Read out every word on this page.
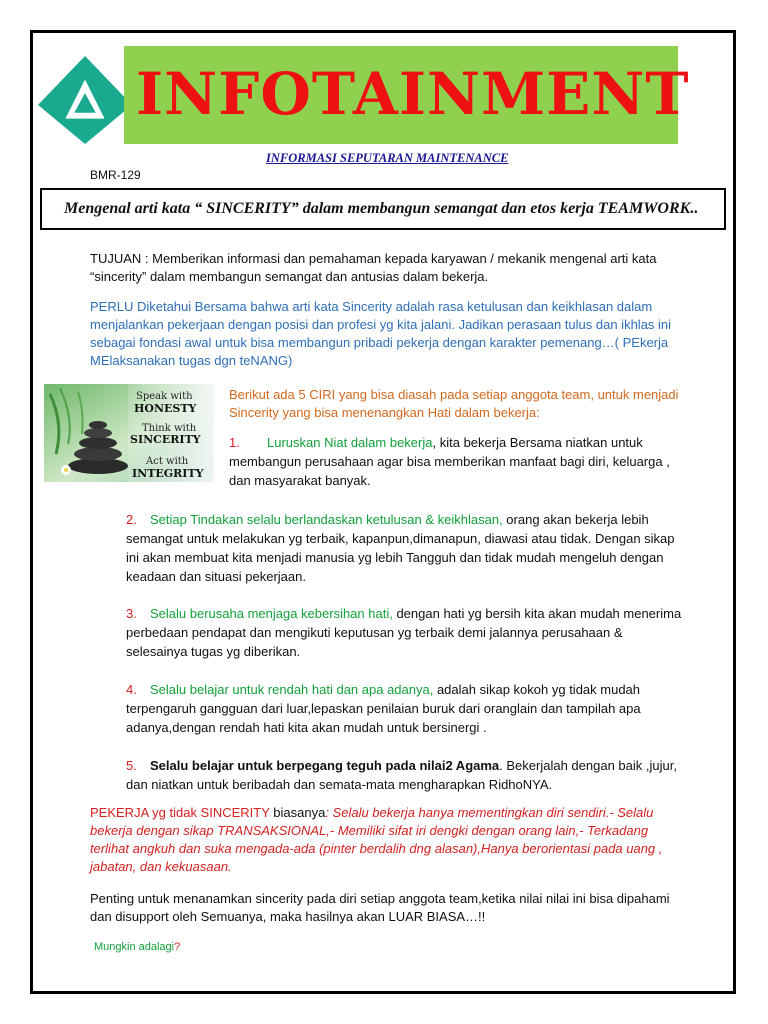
INFOTAINMENT
INFORMASI SEPUTARAN MAINTENANCE
BMR-129
Mengenal arti kata “ SINCERITY” dalam membangun semangat dan etos kerja TEAMWORK..
TUJUAN : Memberikan informasi dan pemahaman kepada karyawan / mekanik mengenal arti kata “sincerity” dalam membangun semangat dan antusias dalam bekerja.
PERLU Diketahui Bersama bahwa arti kata Sincerity adalah rasa ketulusan dan keikhlasan dalam menjalankan pekerjaan dengan posisi dan profesi yg kita jalani. Jadikan perasaan tulus dan ikhlas ini sebagai fondasi awal untuk bisa membangun pribadi pekerja dengan karakter pemenang…( PEkerja MElaksanakan tugas dgn teNANG)
Speak with
HONESTY
Think with
SINCERITY
Act with
INTEGRITY
Berikut ada 5 CIRI yang bisa diasah pada setiap anggota team, untuk menjadi Sincerity yang bisa menenangkan Hati dalam bekerja:
1. Luruskan Niat dalam bekerja, kita bekerja Bersama niatkan untuk membangun perusahaan agar bisa memberikan manfaat bagi diri, keluarga , dan masyarakat banyak.
2. Setiap Tindakan selalu berlandaskan ketulusan & keikhlasan, orang akan bekerja lebih semangat untuk melakukan yg terbaik, kapanpun,dimanapun, diawasi atau tidak. Dengan sikap ini akan membuat kita menjadi manusia yg lebih Tangguh dan tidak mudah mengeluh dengan keadaan dan situasi pekerjaan.
3. Selalu berusaha menjaga kebersihan hati, dengan hati yg bersih kita akan mudah menerima perbedaan pendapat dan mengikuti keputusan yg terbaik demi jalannya perusahaan & selesainya tugas yg diberikan.
4. Selalu belajar untuk rendah hati dan apa adanya, adalah sikap kokoh yg tidak mudah terpengaruh gangguan dari luar,lepaskan penilaian buruk dari oranglain dan tampilah apa adanya,dengan rendah hati kita akan mudah untuk bersinergi .
5. Selalu belajar untuk berpegang teguh pada nilai2 Agama. Bekerjalah dengan baik ,jujur, dan niatkan untuk beribadah dan semata-mata mengharapkan RidhoNYA.
PEKERJA yg tidak SINCERITY biasanya: Selalu bekerja hanya mementingkan diri sendiri.- Selalu bekerja dengan sikap TRANSAKSIONAL,- Memiliki sifat iri dengki dengan orang lain,- Terkadang terlihat angkuh dan suka mengada-ada (pinter berdalih dng alasan),Hanya berorientasi pada uang , jabatan, dan kekuasaan.
Penting untuk menanamkan sincerity pada diri setiap anggota team,ketika nilai nilai ini bisa dipahami dan disupport oleh Semuanya, maka hasilnya akan LUAR BIASA…!!
Mungkin adalagi?
